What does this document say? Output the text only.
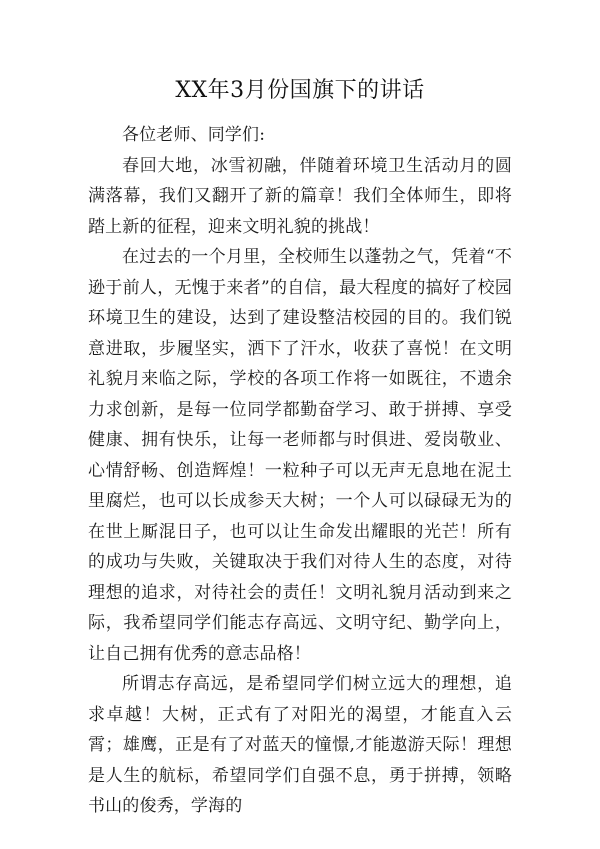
XX年3月份国旗下的讲话

各位老师、同学们:

春回大地，冰雪初融，伴随着环境卫生活动月的圆满落幕，我们又翻开了新的篇章！我们全体师生，即将踏上新的征程，迎来文明礼貌的挑战！

在过去的一个月里，全校师生以蓬勃之气，凭着“不逊于前人，无愧于来者”的自信，最大程度的搞好了校园环境卫生的建设，达到了建设整洁校园的目的。我们锐意进取，步履坚实，洒下了汗水，收获了喜悦！在文明礼貌月来临之际，学校的各项工作将一如既往，不遗余力求创新，是每一位同学都勤奋学习、敢于拼搏、享受健康、拥有快乐，让每一老师都与时俱进、爱岗敬业、心情舒畅、创造辉煌！一粒种子可以无声无息地在泥土里腐烂，也可以长成参天大树；一个人可以碌碌无为的在世上厮混日子，也可以让生命发出耀眼的光芒！所有的成功与失败，关键取决于我们对待人生的态度，对待理想的追求，对待社会的责任！文明礼貌月活动到来之际，我希望同学们能志存高远、文明守纪、勤学向上，让自己拥有优秀的意志品格！

所谓志存高远，是希望同学们树立远大的理想，追求卓越！大树，正式有了对阳光的渴望，才能直入云霄；雄鹰，正是有了对蓝天的憧憬,才能遨游天际！理想是人生的航标，希望同学们自强不息，勇于拼搏，领略书山的俊秀，学海的
